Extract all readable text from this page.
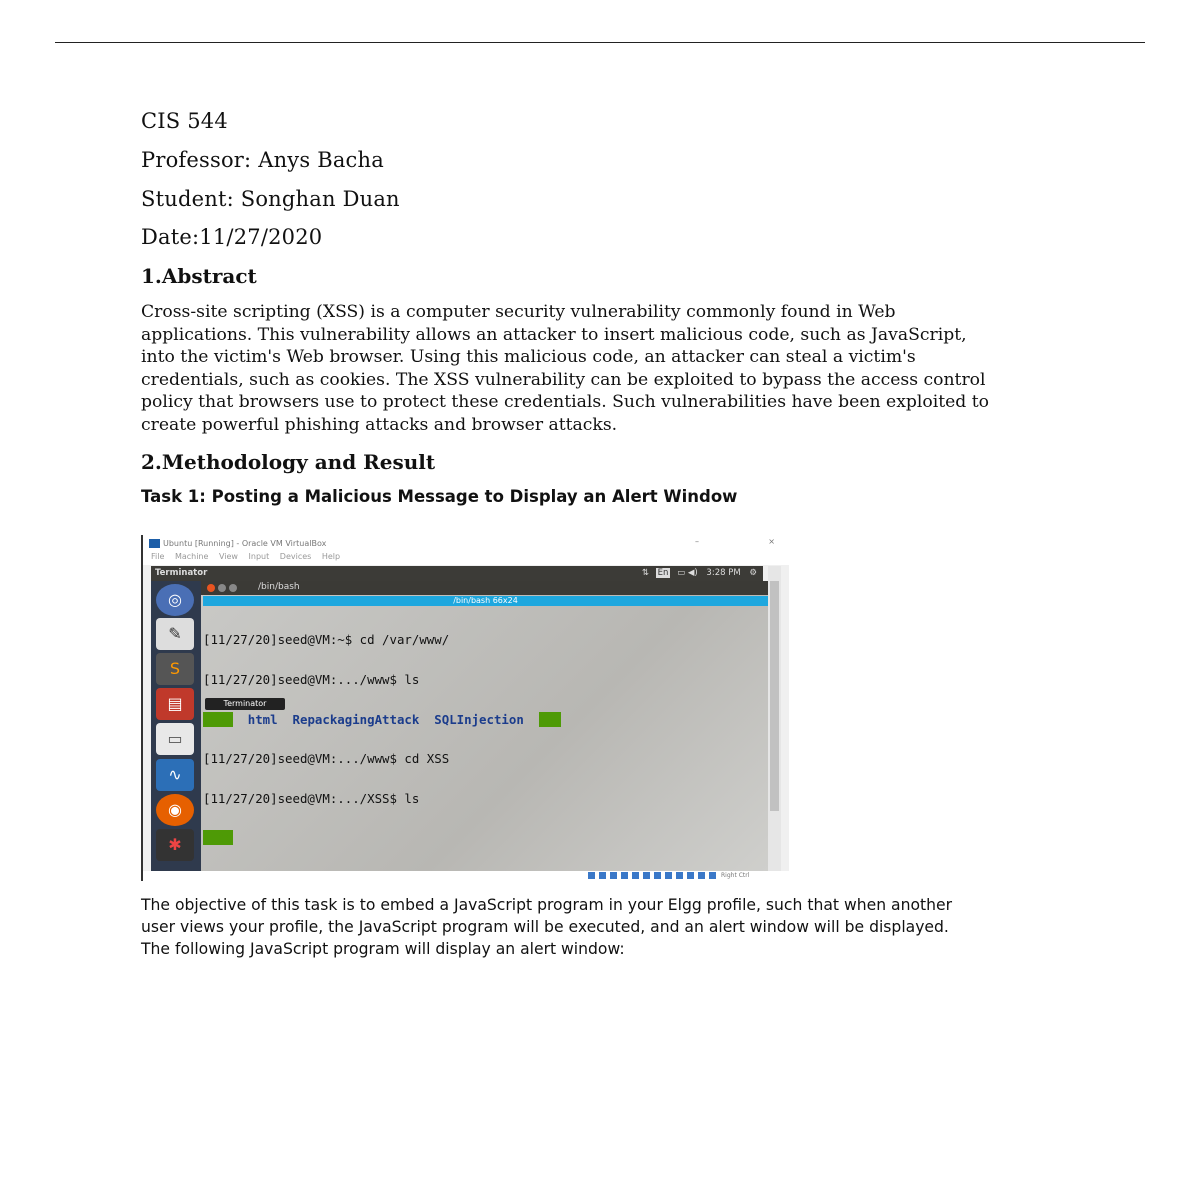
CIS 544
Professor: Anys Bacha
Student: Songhan Duan
Date:11/27/2020
1.Abstract
Cross-site scripting (XSS) is a computer security vulnerability commonly found in Web
applications. This vulnerability allows an attacker to insert malicious code, such as JavaScript,
into the victim's Web browser. Using this malicious code, an attacker can steal a victim's
credentials, such as cookies. The XSS vulnerability can be exploited to bypass the access control
policy that browsers use to protect these credentials. Such vulnerabilities have been exploited to
create powerful phishing attacks and browser attacks.
2.Methodology and Result
Task 1: Posting a Malicious Message to Display an Alert Window
Ubuntu [Running] - Oracle VM VirtualBox	–	×
File Machine View Input Devices Help
Terminator	⇅ En ▭ ◀) 3:28 PM ⚙
◎
✎
S
▤
▭
∿
◉
✱
/bin/bash
/bin/bash 66x24

[11/27/20]seed@VM:~$ cd /var/www/

[11/27/20]seed@VM:.../www$ ls

CSRF html RepackagingAttack SQLInjection XSS

[11/27/20]seed@VM:.../www$ cd XSS

[11/27/20]seed@VM:.../XSS$ ls

Elgg

Terminator
Right Ctrl
The objective of this task is to embed a JavaScript program in your Elgg profile, such that when another
user views your profile, the JavaScript program will be executed, and an alert window will be displayed.
The following JavaScript program will display an alert window:
